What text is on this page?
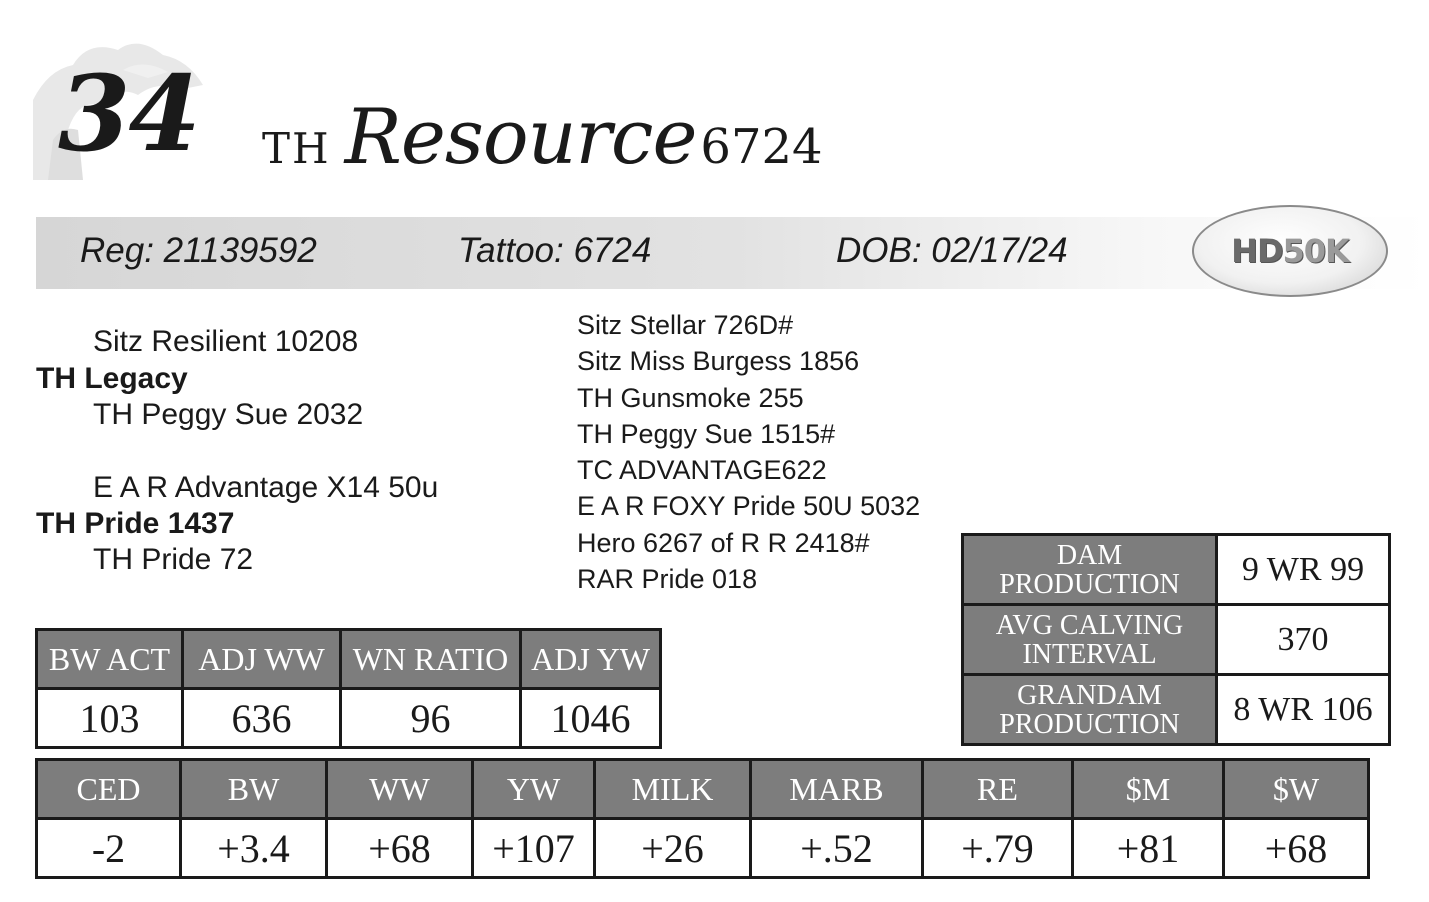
34 TH Resource6724
Reg: 21139592	Tattoo: 6724	DOB: 02/17/24	HD50K
Sitz Resilient 10208
TH Legacy
TH Peggy Sue 2032
E A R Advantage X14 50u
TH Pride 1437
TH Pride 72
Sitz Stellar 726D#
Sitz Miss Burgess 1856
TH Gunsmoke 255
TH Peggy Sue 1515#
TC ADVANTAGE622
E A R FOXY Pride 50U 5032
Hero 6267 of R R 2418#
RAR Pride 018
BW ACT	ADJ WW	WN RATIO	ADJ YW
103	636	96	1046
DAM
PRODUCTION	9 WR 99
AVG CALVING
INTERVAL	370
GRANDAM
PRODUCTION	8 WR 106
CED	BW	WW	YW	MILK	MARB	RE	$M	$W
-2	+3.4	+68	+107	+26	+.52	+.79	+81	+68
